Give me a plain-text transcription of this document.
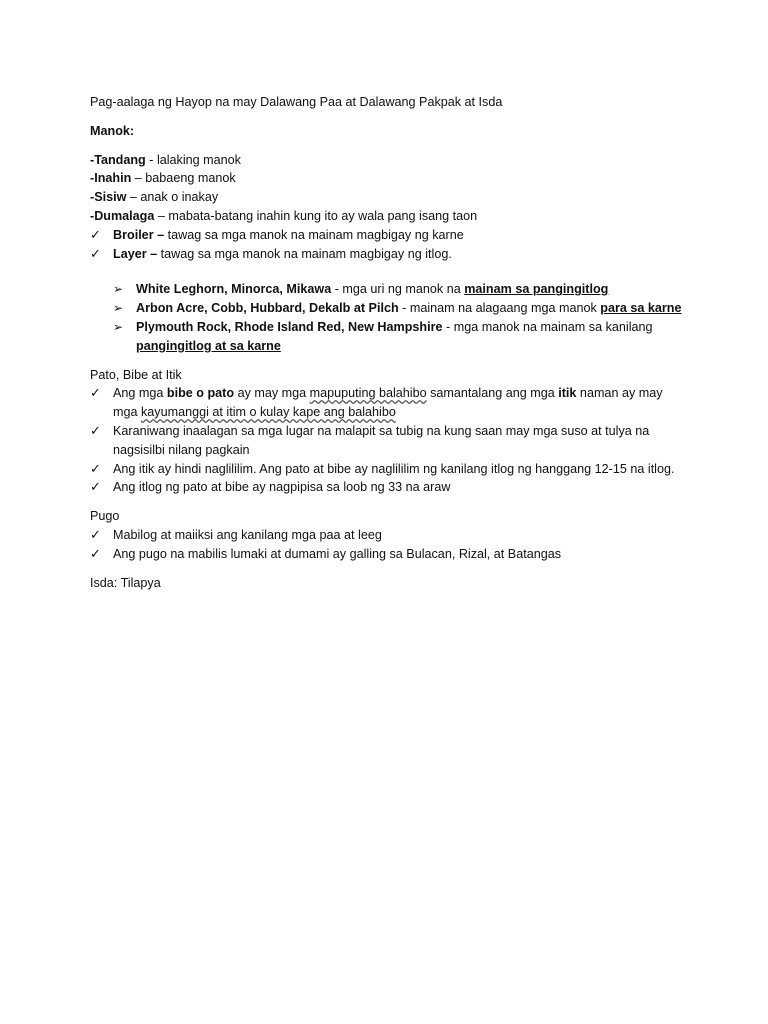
Pag-aalaga ng Hayop na may Dalawang Paa at Dalawang Pakpak at Isda

Manok:

-Tandang - lalaking manok

-Inahin – babaeng manok

-Sisiw – anak o inakay

-Dumalaga – mabata-batang inahin kung ito ay wala pang isang taon

✓ Broiler – tawag sa mga manok na mainam magbigay ng karne
✓ Layer – tawag sa mga manok na mainam magbigay ng itlog.
➢	White Leghorn, Minorca, Mikawa - mga uri ng manok na mainam sa pangingitlog
➢	Arbon Acre, Cobb, Hubbard, Dekalb at Pilch - mainam na alagaang mga manok para sa karne
➢	Plymouth Rock, Rhode Island Red, New Hampshire - mga manok na mainam sa kanilang pangingitlog at sa karne

Pato, Bibe at Itik

✓ Ang mga bibe o pato ay may mga mapuputing balahibo samantalang ang mga itik naman ay may mga kayumanggi at itim o kulay kape ang balahibo
✓ Karaniwang inaalagan sa mga lugar na malapit sa tubig na kung saan may mga suso at tulya na nagsisilbi nilang pagkain
✓ Ang itik ay hindi naglililim. Ang pato at bibe ay naglililim ng kanilang itlog ng hanggang 12-15 na itlog.
✓ Ang itlog ng pato at bibe ay nagpipisa sa loob ng 33 na araw

Pugo

✓ Mabilog at maiiksi ang kanilang mga paa at leeg
✓ Ang pugo na mabilis lumaki at dumami ay galling sa Bulacan, Rizal, at Batangas

Isda: Tilapya
